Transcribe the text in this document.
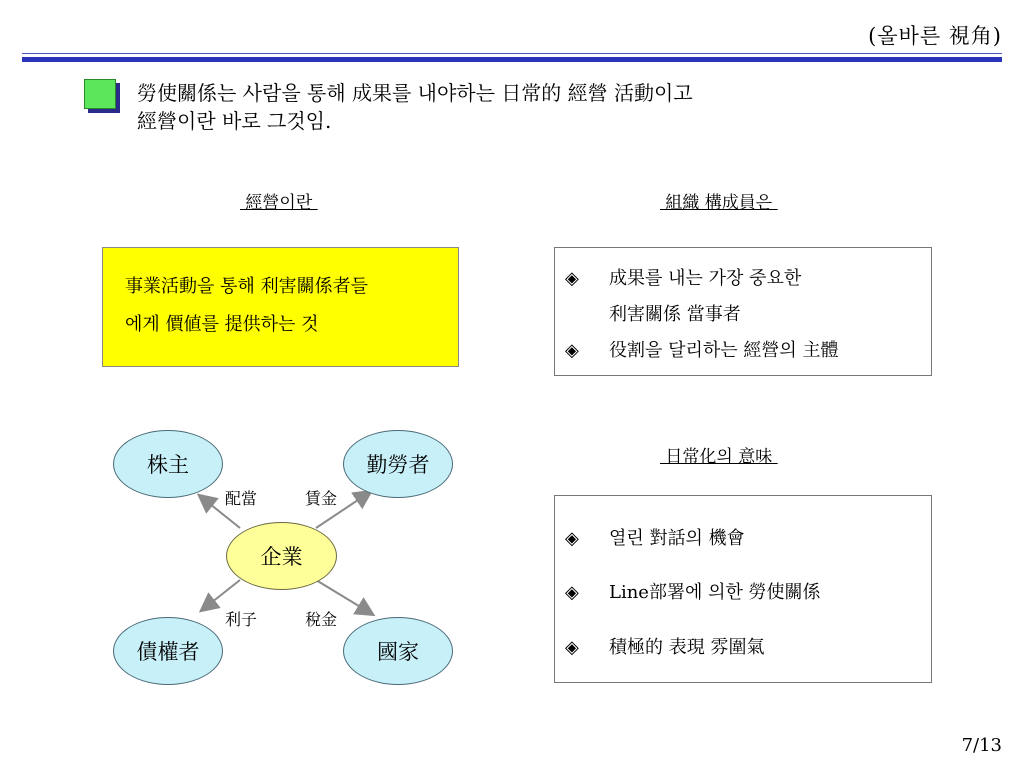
(올바른 視角)
勞使關係는 사람을 통해 成果를 내야하는 日常的 經營 活動이고
經營이란 바로 그것임.
經營이란
事業活動을 통해 利害關係者들
에게 價値를 提供하는 것
組織 構成員은
◈ 成果를 내는 가장 중요한
利害關係 當事者
◈ 役割을 달리하는 經營의 主體
株主	勤勞者
企業
債權者	國家
配當	賃金
利子	稅金
日常化의 意味
◈ 열린 對話의 機會
◈ Line部署에 의한 勞使關係
◈ 積極的 表現 雰圍氣
7/13
